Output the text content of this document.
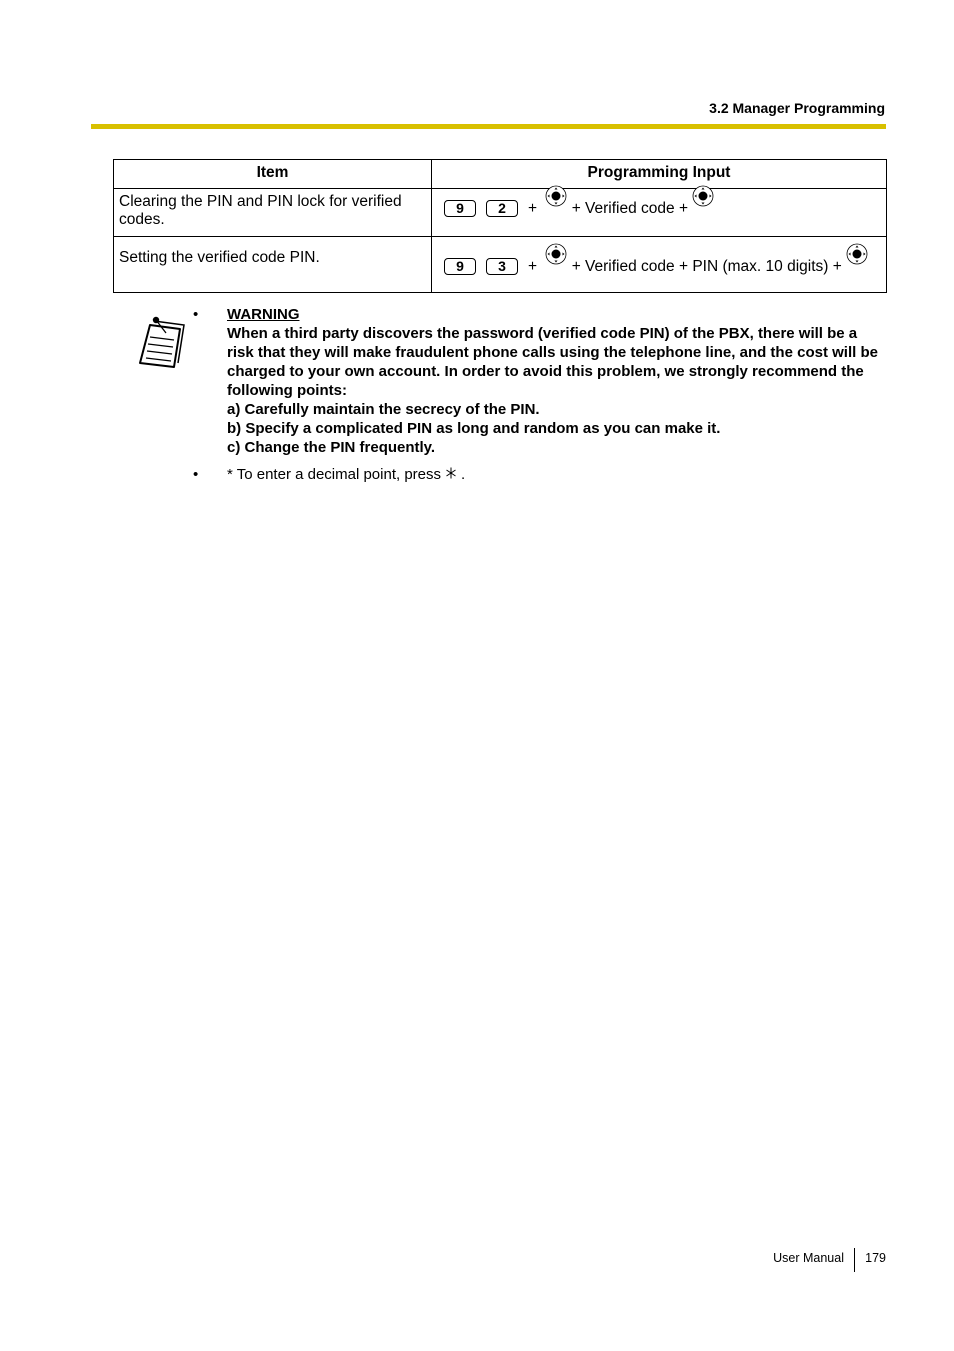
3.2 Manager Programming
Item	Programming Input
Clearing the PIN and PIN lock for verified codes.	9 2 + + Verified code +
Setting the verified code PIN.	9 3 + + Verified code + PIN (max. 10 digits) +
• WARNING
When a third party discovers the password (verified code PIN) of the PBX, there will be a risk that they will make fraudulent phone calls using the telephone line, and the cost will be charged to your own account. In order to avoid this problem, we strongly recommend the following points:
a) Carefully maintain the secrecy of the PIN.
b) Specify a complicated PIN as long and random as you can make it.
c) Change the PIN frequently.
• * To enter a decimal point, press .
User Manual 179
